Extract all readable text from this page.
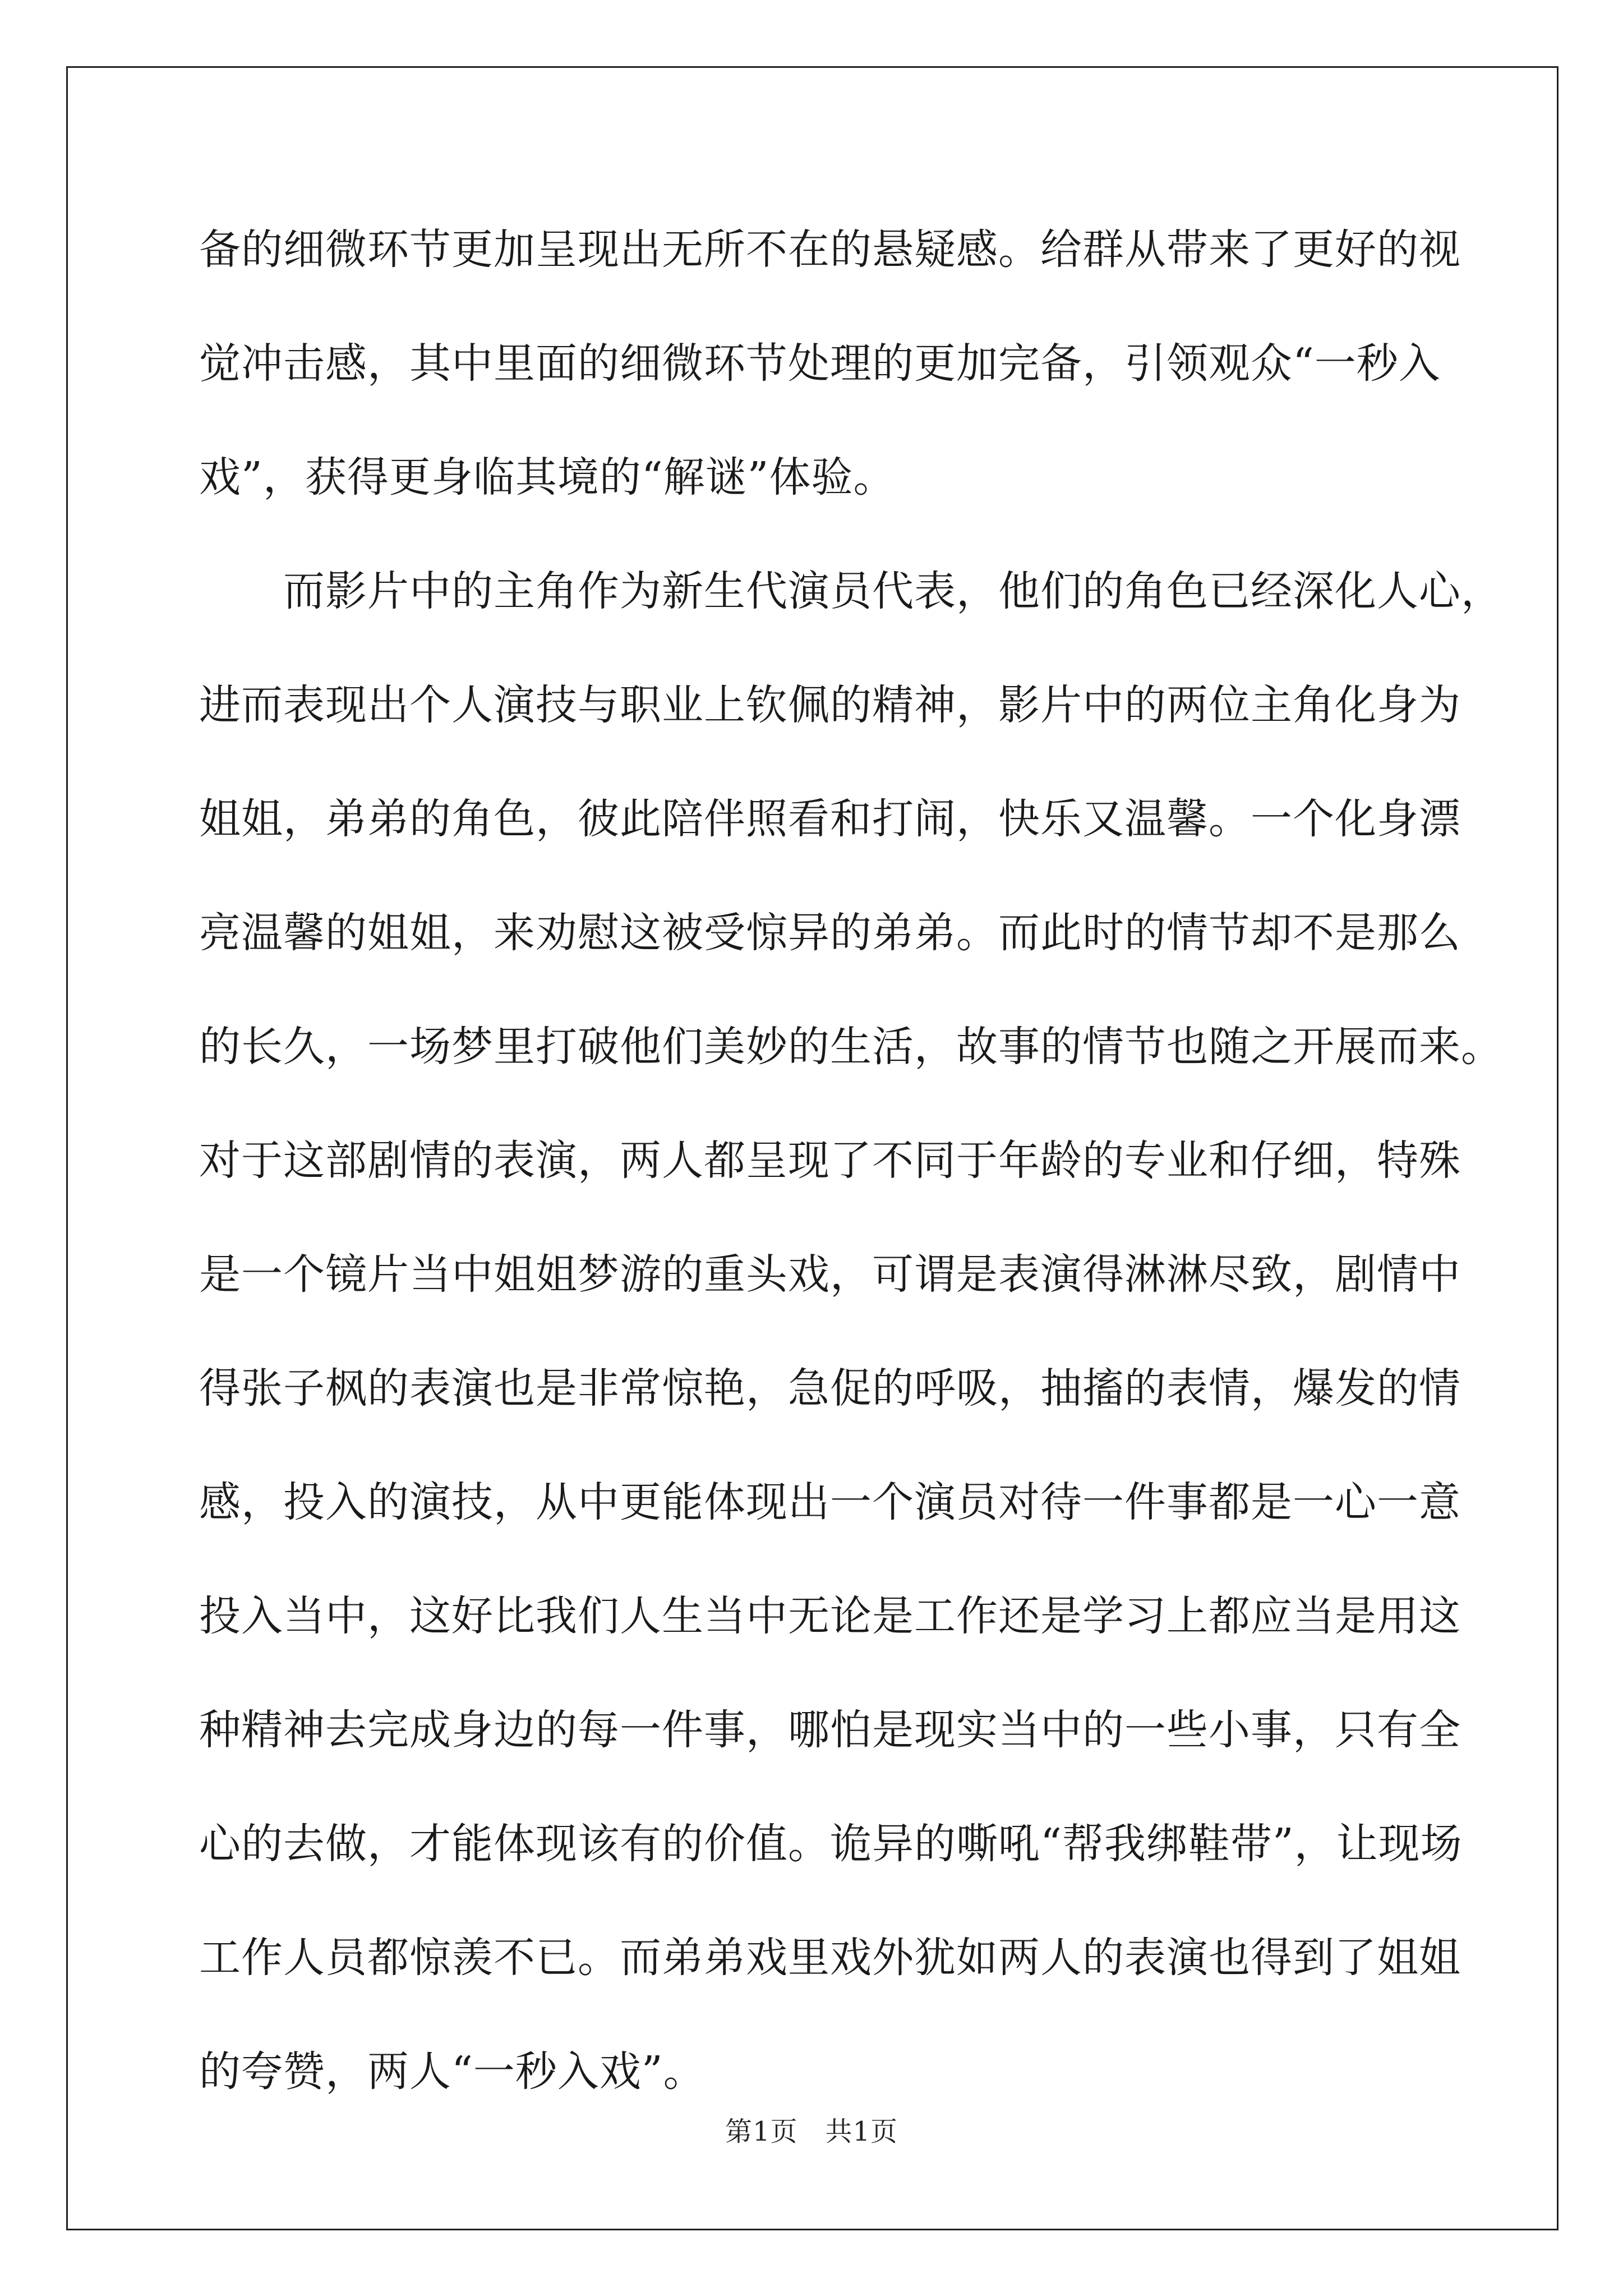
备的细微环节更加呈现出无所不在的悬疑感。给群从带来了更好的视
觉冲击感，其中里面的细微环节处理的更加完备，引领观众“一秒入
戏”，获得更身临其境的“解谜”体验。
　　而影片中的主角作为新生代演员代表，他们的角色已经深化人心，
进而表现出个人演技与职业上钦佩的精神，影片中的两位主角化身为
姐姐，弟弟的角色，彼此陪伴照看和打闹，快乐又温馨。一个化身漂
亮温馨的姐姐，来劝慰这被受惊异的弟弟。而此时的情节却不是那么
的长久，一场梦里打破他们美妙的生活，故事的情节也随之开展而来。
对于这部剧情的表演，两人都呈现了不同于年龄的专业和仔细，特殊
是一个镜片当中姐姐梦游的重头戏，可谓是表演得淋淋尽致，剧情中
得张子枫的表演也是非常惊艳，急促的呼吸，抽搐的表情，爆发的情
感，投入的演技，从中更能体现出一个演员对待一件事都是一心一意
投入当中，这好比我们人生当中无论是工作还是学习上都应当是用这
种精神去完成身边的每一件事，哪怕是现实当中的一些小事，只有全
心的去做，才能体现该有的价值。诡异的嘶吼“帮我绑鞋带”，让现场
工作人员都惊羡不已。而弟弟戏里戏外犹如两人的表演也得到了姐姐
的夸赞，两人“一秒入戏”。
第1页　共1页
